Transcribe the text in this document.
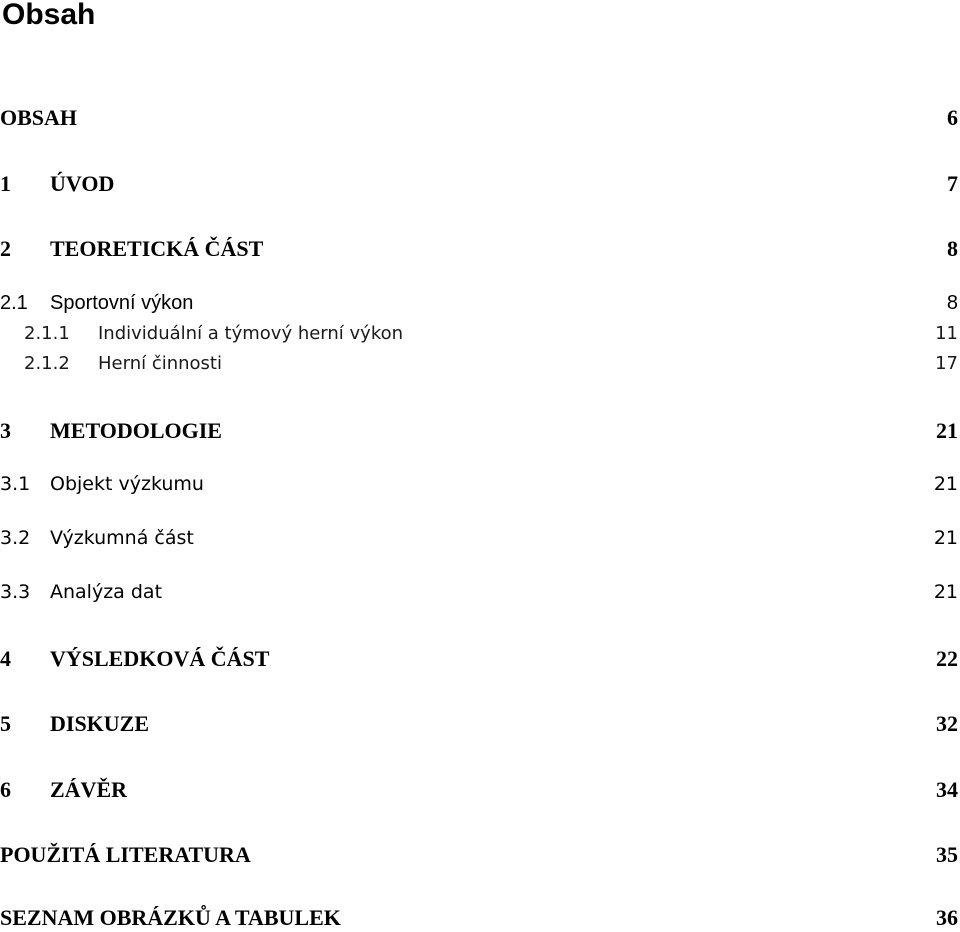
Obsah
OBSAH	6
1 ÚVOD	7
2 TEORETICKÁ ČÁST	8
2.1 Sportovní výkon	8
2.1.1 Individuální a týmový herní výkon	11
2.1.2 Herní činnosti	17
3 METODOLOGIE	21
3.1 Objekt výzkumu	21
3.2 Výzkumná část	21
3.3 Analýza dat	21
4 VÝSLEDKOVÁ ČÁST	22
5 DISKUZE	32
6 ZÁVĚR	34
POUŽITÁ LITERATURA	35
SEZNAM OBRÁZKŮ A TABULEK	36
